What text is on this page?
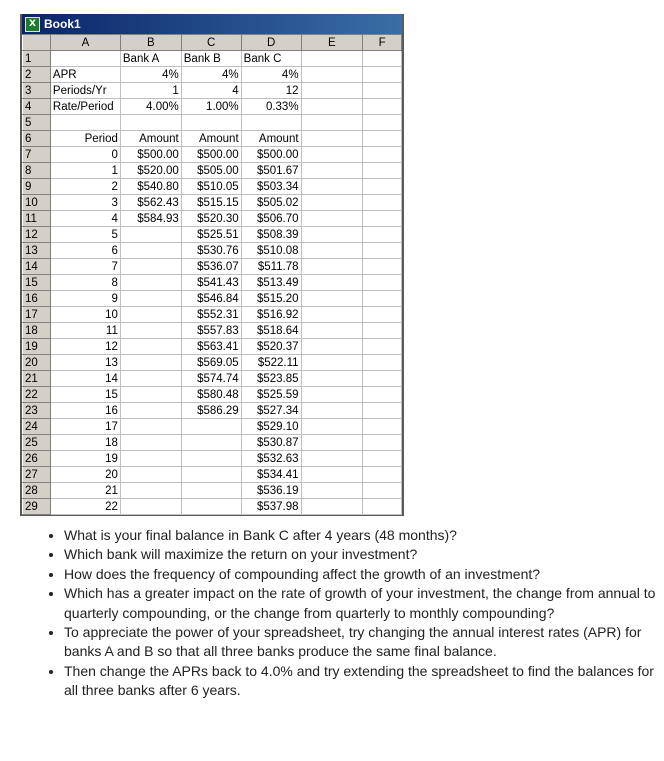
X Book1
	A	B	C	D	E	F
1		Bank A	Bank B	Bank C		
2	APR	4%	4%	4%		
3	Periods/Yr	1	4	12		
4	Rate/Period	4.00%	1.00%	0.33%		
5						
6	Period	Amount	Amount	Amount		
7	0	$500.00	$500.00	$500.00		
8	1	$520.00	$505.00	$501.67		
9	2	$540.80	$510.05	$503.34		
10	3	$562.43	$515.15	$505.02		
11	4	$584.93	$520.30	$506.70		
12	5		$525.51	$508.39		
13	6		$530.76	$510.08		
14	7		$536.07	$511.78		
15	8		$541.43	$513.49		
16	9		$546.84	$515.20		
17	10		$552.31	$516.92		
18	11		$557.83	$518.64		
19	12		$563.41	$520.37		
20	13		$569.05	$522.11		
21	14		$574.74	$523.85		
22	15		$580.48	$525.59		
23	16		$586.29	$527.34		
24	17			$529.10		
25	18			$530.87		
26	19			$532.63		
27	20			$534.41		
28	21			$536.19		
29	22			$537.98		
• What is your final balance in Bank C after 4 years (48 months)?
• Which bank will maximize the return on your investment?
• How does the frequency of compounding affect the growth of an investment?
• Which has a greater impact on the rate of growth of your investment, the change from annual to quarterly compounding, or the change from quarterly to monthly compounding?
• To appreciate the power of your spreadsheet, try changing the annual interest rates (APR) for banks A and B so that all three banks produce the same final balance.
• Then change the APRs back to 4.0% and try extending the spreadsheet to find the balances for all three banks after 6 years.
